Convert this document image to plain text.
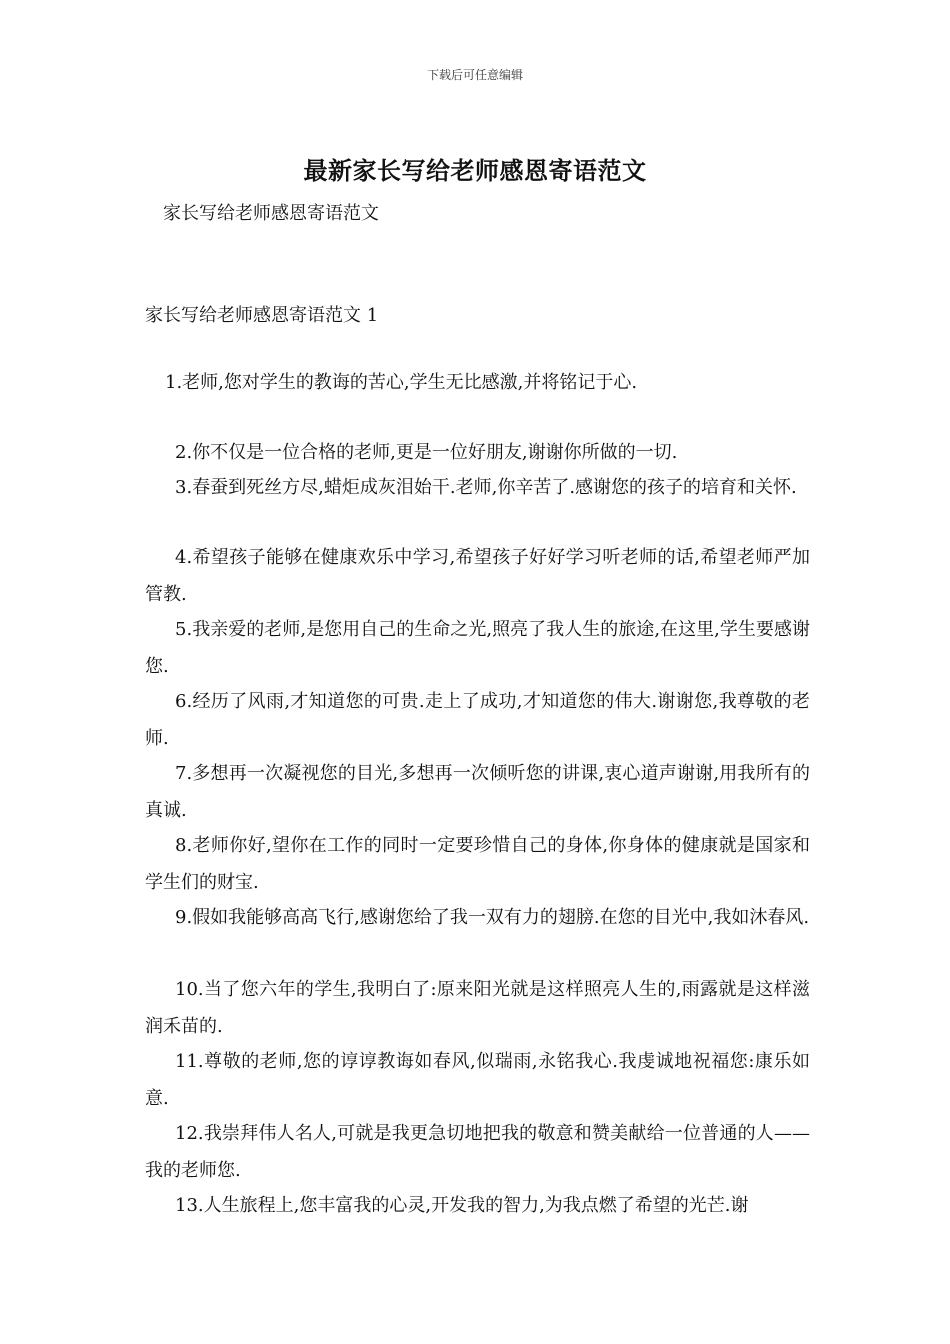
下载后可任意编辑
最新家长写给老师感恩寄语范文
家长写给老师感恩寄语范文
家长写给老师感恩寄语范文 1

1.老师,您对学生的教诲的苦心,学生无比感激,并将铭记于心.

2.你不仅是一位合格的老师,更是一位好朋友,谢谢你所做的一切.

3.春蚕到死丝方尽,蜡炬成灰泪始干.老师,你辛苦了.感谢您的孩子的培育和关怀.

4.希望孩子能够在健康欢乐中学习,希望孩子好好学习听老师的话,希望老师严加管教.

5.我亲爱的老师,是您用自己的生命之光,照亮了我人生的旅途,在这里,学生要感谢您.

6.经历了风雨,才知道您的可贵.走上了成功,才知道您的伟大.谢谢您,我尊敬的老师.

7.多想再一次凝视您的目光,多想再一次倾听您的讲课,衷心道声谢谢,用我所有的真诚.

8.老师你好,望你在工作的同时一定要珍惜自己的身体,你身体的健康就是国家和学生们的财宝.

9.假如我能够高高飞行,感谢您给了我一双有力的翅膀.在您的目光中,我如沐春风.

10.当了您六年的学生,我明白了:原来阳光就是这样照亮人生的,雨露就是这样滋润禾苗的.

11.尊敬的老师,您的谆谆教诲如春风,似瑞雨,永铭我心.我虔诚地祝福您:康乐如意.

12.我崇拜伟人名人,可就是我更急切地把我的敬意和赞美献给一位普通的人——我的老师您.

13.人生旅程上,您丰富我的心灵,开发我的智力,为我点燃了希望的光芒.谢
